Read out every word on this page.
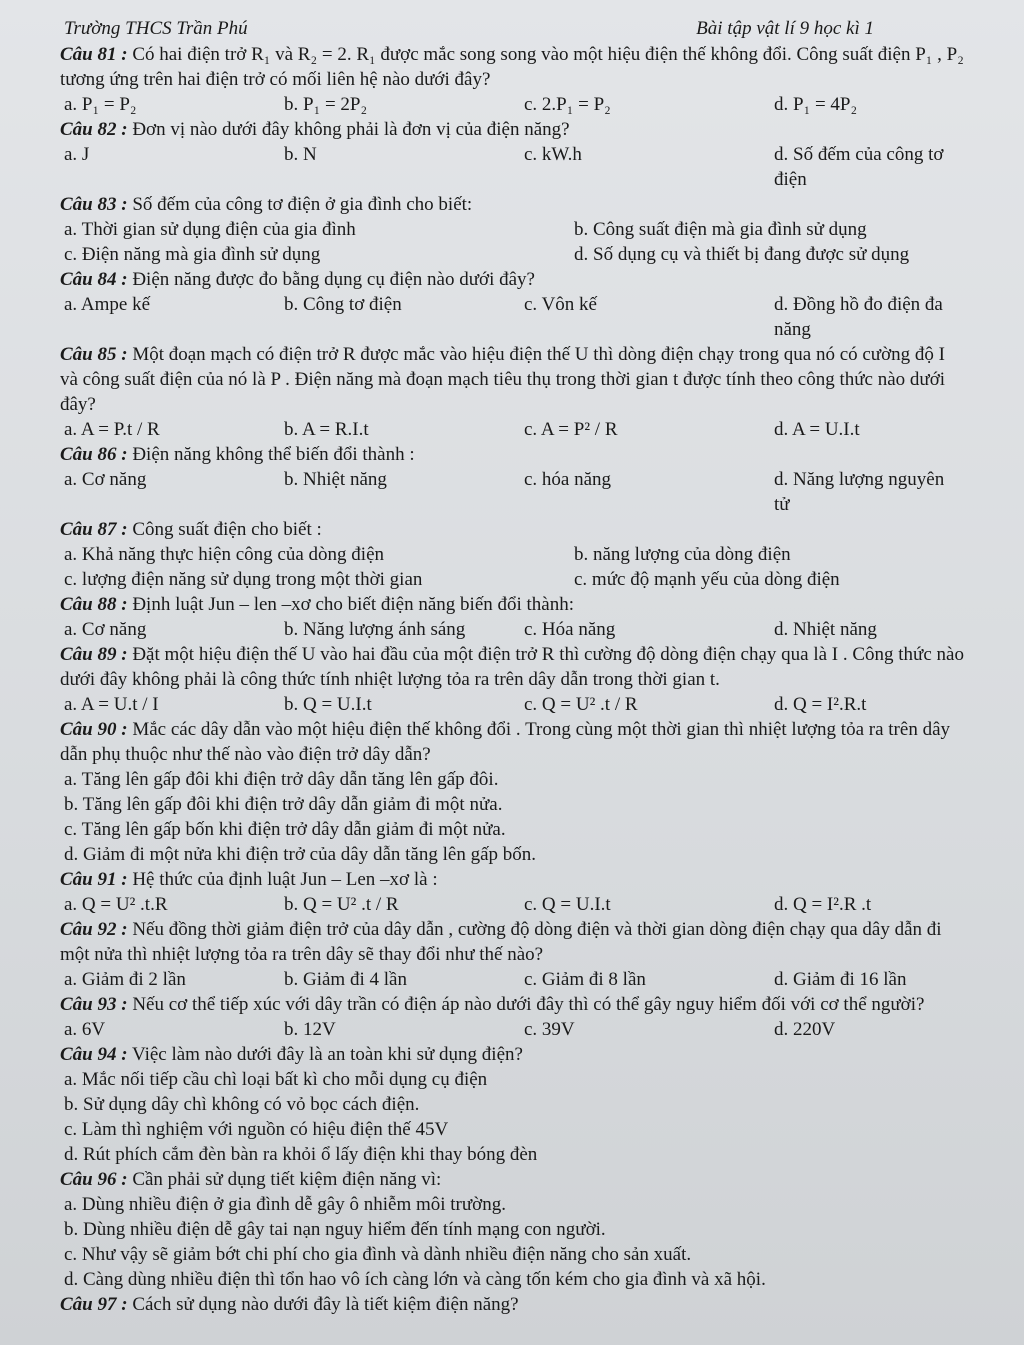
Trường THCS Trần Phú	Bài tập vật lí 9 học kì 1
Câu 81 : Có hai điện trở R₁ và R₂ = 2. R₁ được mắc song song vào một hiệu điện thế không đổi. Công suất điện P₁ , P₂ tương ứng trên hai điện trở có mối liên hệ nào dưới đây?
a. P₁ = P₂	b. P₁ = 2P₂	c. 2.P₁ = P₂	d. P₁ = 4P₂
Câu 82 : Đơn vị nào dưới đây không phải là đơn vị của điện năng?
a. J	b. N	c. kW.h	d. Số đếm của công tơ điện
Câu 83 : Số đếm của công tơ điện ở gia đình cho biết:
a. Thời gian sử dụng điện của gia đình	b. Công suất điện mà gia đình sử dụng
c. Điện năng mà gia đình sử dụng	d. Số dụng cụ và thiết bị đang được sử dụng
Câu 84 : Điện năng được đo bằng dụng cụ điện nào dưới đây?
a. Ampe kế	b. Công tơ điện	c. Vôn kế	d. Đồng hồ đo điện đa năng
Câu 85 : Một đoạn mạch có điện trở R được mắc vào hiệu điện thế U thì dòng điện chạy trong qua nó có cường độ I và công suất điện của nó là P . Điện năng mà đoạn mạch tiêu thụ trong thời gian t được tính theo công thức nào dưới đây?
a. A = P.t / R	b. A = R.I.t	c. A = P² / R	d. A = U.I.t
Câu 86 : Điện năng không thể biến đổi thành :
a. Cơ năng	b. Nhiệt năng	c. hóa năng	d. Năng lượng nguyên tử
Câu 87 : Công suất điện cho biết :
a. Khả năng thực hiện công của dòng điện	b. năng lượng của dòng điện
c. lượng điện năng sử dụng trong một thời gian	c. mức độ mạnh yếu của dòng điện
Câu 88 : Định luật Jun – len –xơ cho biết điện năng biến đổi thành:
a. Cơ năng	b. Năng lượng ánh sáng	c. Hóa năng	d. Nhiệt năng
Câu 89 : Đặt một hiệu điện thế U vào hai đầu của một điện trở R thì cường độ dòng điện chạy qua là I . Công thức nào dưới đây không phải là công thức tính nhiệt lượng tỏa ra trên dây dẫn trong thời gian t.
a. A = U.t / I	b. Q = U.I.t	c. Q = U² .t / R	d. Q = I².R.t
Câu 90 : Mắc các dây dẫn vào một hiệu điện thế không đổi . Trong cùng một thời gian thì nhiệt lượng tỏa ra trên dây dẫn phụ thuộc như thế nào vào điện trở dây dẫn?
a. Tăng lên gấp đôi khi điện trở dây dẫn tăng lên gấp đôi.
b. Tăng lên gấp đôi khi điện trở dây dẫn giảm đi một nửa.
c. Tăng lên gấp bốn khi điện trở dây dẫn giảm đi một nửa.
d. Giảm đi một nửa khi điện trở của dây dẫn tăng lên gấp bốn.
Câu 91 : Hệ thức của định luật Jun – Len –xơ là :
a. Q = U² .t.R	b. Q = U² .t / R	c. Q = U.I.t	d. Q = I².R .t
Câu 92 : Nếu đồng thời giảm điện trở của dây dẫn , cường độ dòng điện và thời gian dòng điện chạy qua dây dẫn đi một nửa thì nhiệt lượng tỏa ra trên dây sẽ thay đổi như thế nào?
a. Giảm đi 2 lần	b. Giảm đi 4 lần	c. Giảm đi 8 lần	d. Giảm đi 16 lần
Câu 93 : Nếu cơ thể tiếp xúc với dây trần có điện áp nào dưới đây thì có thể gây nguy hiểm đối với cơ thể người?
a. 6V	b. 12V	c. 39V	d. 220V
Câu 94 : Việc làm nào dưới đây là an toàn khi sử dụng điện?
a. Mắc nối tiếp cầu chì loại bất kì cho mỗi dụng cụ điện
b. Sử dụng dây chì không có vỏ bọc cách điện.
c. Làm thì nghiệm với nguồn có hiệu điện thế 45V
d. Rút phích cắm đèn bàn ra khỏi ổ lấy điện khi thay bóng đèn
Câu 96 : Cần phải sử dụng tiết kiệm điện năng vì:
a. Dùng nhiều điện ở gia đình dễ gây ô nhiễm môi trường.
b. Dùng nhiều điện dễ gây tai nạn nguy hiểm đến tính mạng con người.
c. Như vậy sẽ giảm bớt chi phí cho gia đình và dành nhiều điện năng cho sản xuất.
d. Càng dùng nhiều điện thì tổn hao vô ích càng lớn và càng tốn kém cho gia đình và xã hội.
Câu 97 : Cách sử dụng nào dưới đây là tiết kiệm điện năng?
